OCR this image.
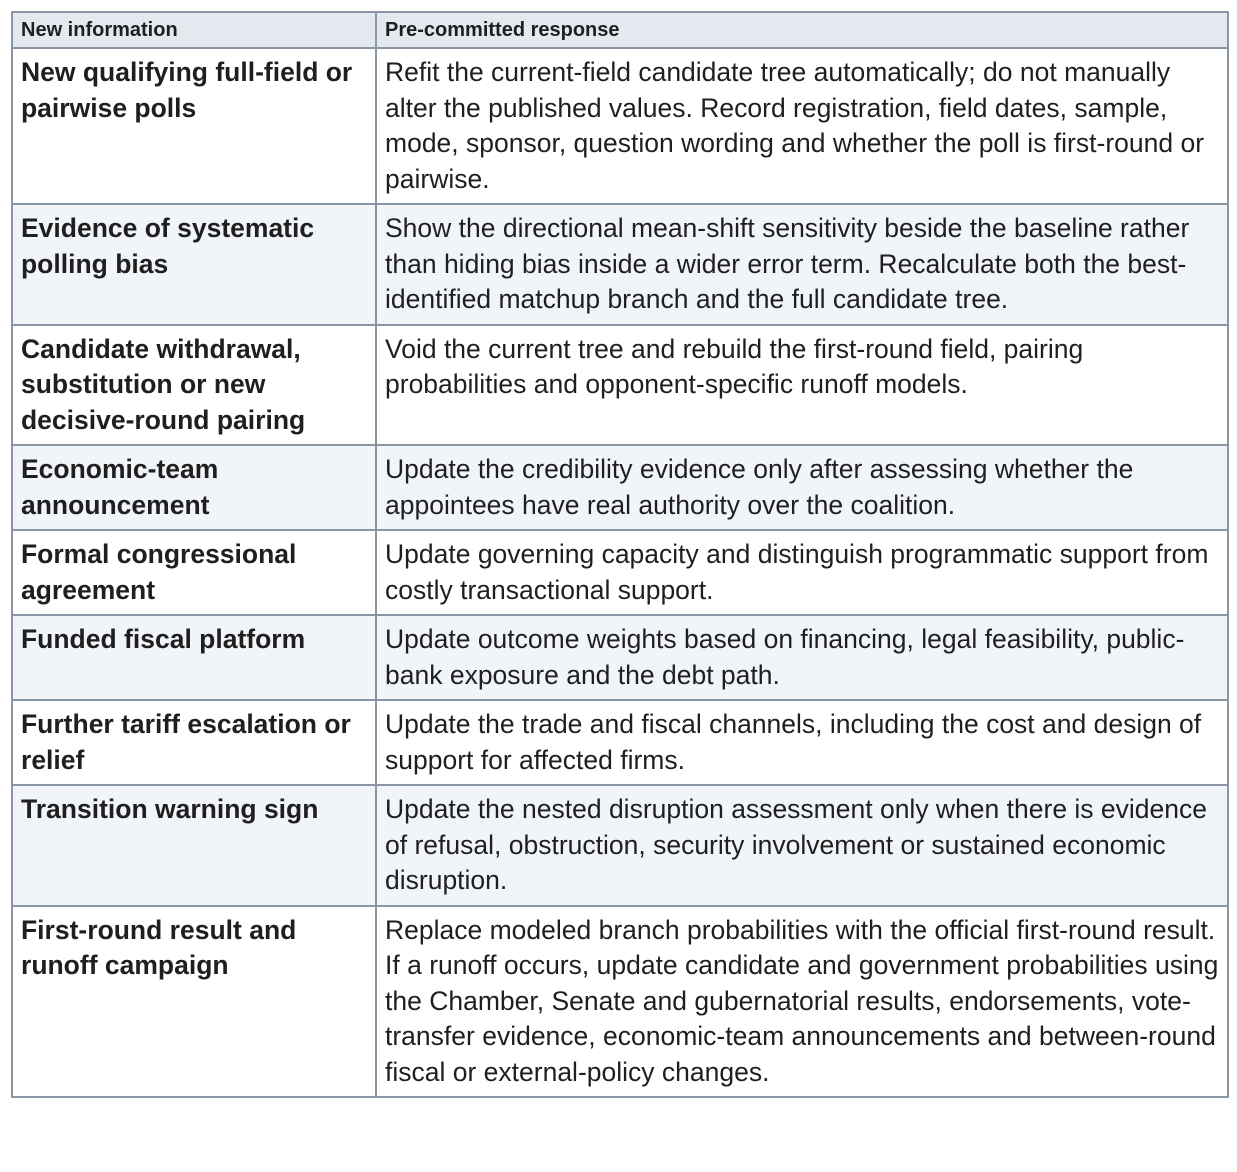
New information	Pre-committed response
New qualifying full-field or pairwise polls	Refit the current-field candidate tree automatically; do not manually alter the published values. Record registration, field dates, sample, mode, sponsor, question wording and whether the poll is first-round or pairwise.
Evidence of systematic polling bias	Show the directional mean-shift sensitivity beside the baseline rather than hiding bias inside a wider error term. Recalculate both the best-identified matchup branch and the full candidate tree.
Candidate withdrawal, substitution or new decisive-round pairing	Void the current tree and rebuild the first-round field, pairing probabilities and opponent-specific runoff models.
Economic-team announcement	Update the credibility evidence only after assessing whether the appointees have real authority over the coalition.
Formal congressional agreement	Update governing capacity and distinguish programmatic support from costly transactional support.
Funded fiscal platform	Update outcome weights based on financing, legal feasibility, public-bank exposure and the debt path.
Further tariff escalation or relief	Update the trade and fiscal channels, including the cost and design of support for affected firms.
Transition warning sign	Update the nested disruption assessment only when there is evidence of refusal, obstruction, security involvement or sustained economic disruption.
First-round result and runoff campaign	Replace modeled branch probabilities with the official first-round result. If a runoff occurs, update candidate and government probabilities using the Chamber, Senate and gubernatorial results, endorsements, vote-transfer evidence, economic-team announcements and between-round fiscal or external-policy changes.
